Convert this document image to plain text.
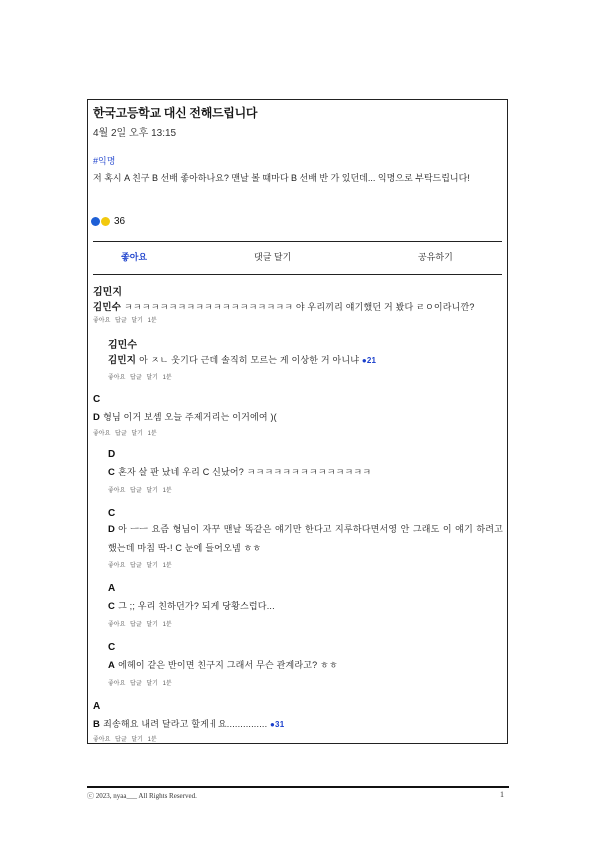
한국고등학교 대신 전해드립니다
4월 2일 오후 13:15
#익명
저 혹시 A 친구 B 선배 좋아하나요? 맨날 볼 때마다 B 선배 반 가 있던데... 익명으로 부탁드립니다!
36
좋아요	댓글 달기	공유하기
김민지
김민수 ㅋㅋㅋㅋㅋㅋㅋㅋㅋㅋㅋㅋㅋㅋㅋㅋㅋㅋㅋ 야 우리끼리 얘기했던 거 봤다 ㄹㅇ이라니깐?
좋아요 답글 달기 1분
김민수
김민지 아 ㅈㄴ 웃기다 근데 솔직히 모르는 게 이상한 거 아니냐 ●21
좋아요 답글 달기 1분
C
D 형님 이거 보셈 오늘 주제거리는 이거에여 )(
좋아요 답글 달기 1분
D
C 혼자 살 판 났네 우리 C 신났어? ㅋㅋㅋㅋㅋㅋㅋㅋㅋㅋㅋㅋㅋㅋ
좋아요 답글 달기 1분
C
D 아 ㅡㅡ 요즘 형님이 자꾸 맨날 똑같은 얘기만 한다고 지루하다면서영 안 그래도 이 얘기 하려고 했는데 마침 딱-! C 눈에 들어오넴 ㅎㅎ
좋아요 답글 달기 1분
A
C 그 ;; 우리 친하던가? 되게 당황스럽다...
좋아요 답글 달기 1분
C
A 에헤이 같은 반이면 친구지 그래서 무슨 관계라고? ㅎㅎ
좋아요 답글 달기 1분
A
B 죄송해요 내려 달라고 할게ㅔ요............... ●31
좋아요 답글 달기 1분
ⓒ 2023, nyaa___ All Rights Reserved.	1
